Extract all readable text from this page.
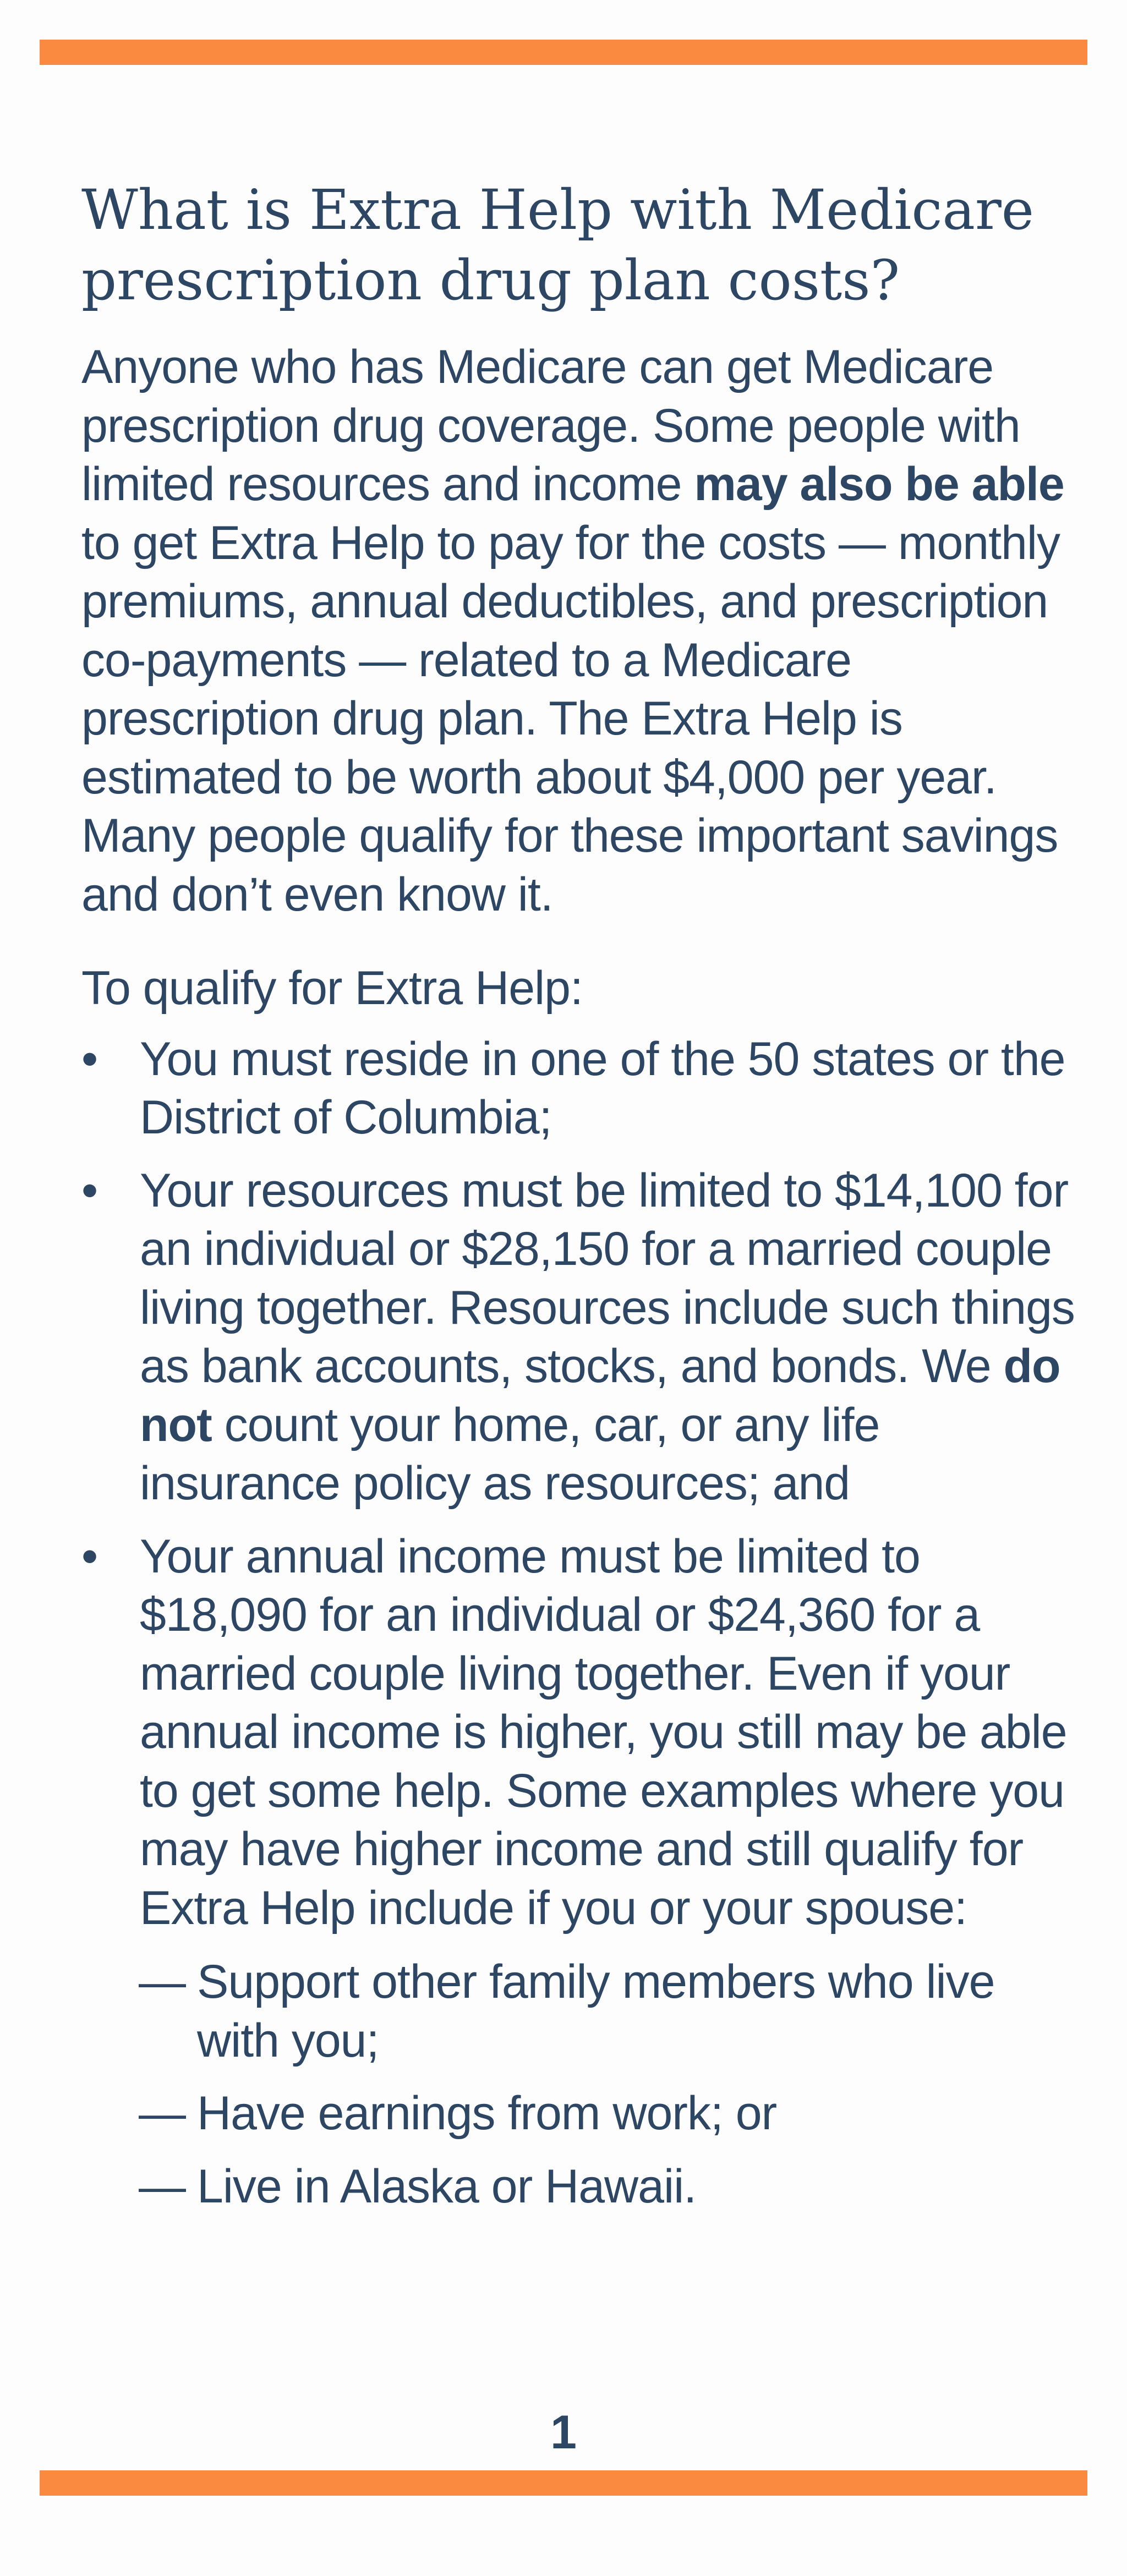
What is Extra Help with Medicare prescription drug plan costs?

Anyone who has Medicare can get Medicare prescription drug coverage. Some people with limited resources and income may also be able to get Extra Help to pay for the costs — monthly premiums, annual deductibles, and prescription co-payments — related to a Medicare prescription drug plan. The Extra Help is estimated to be worth about $4,000 per year. Many people qualify for these important savings and don’t even know it.

To qualify for Extra Help:

• You must reside in one of the 50 states or the District of Columbia;
• Your resources must be limited to $14,100 for an individual or $28,150 for a married couple living together. Resources include such things as bank accounts, stocks, and bonds. We do not count your home, car, or any life insurance policy as resources; and
• Your annual income must be limited to $18,090 for an individual or $24,360 for a married couple living together. Even if your annual income is higher, you still may be able to get some help. Some examples where you may have higher income and still qualify for Extra Help include if you or your spouse:
— Support other family members who live with you;
— Have earnings from work; or
— Live in Alaska or Hawaii.
1
